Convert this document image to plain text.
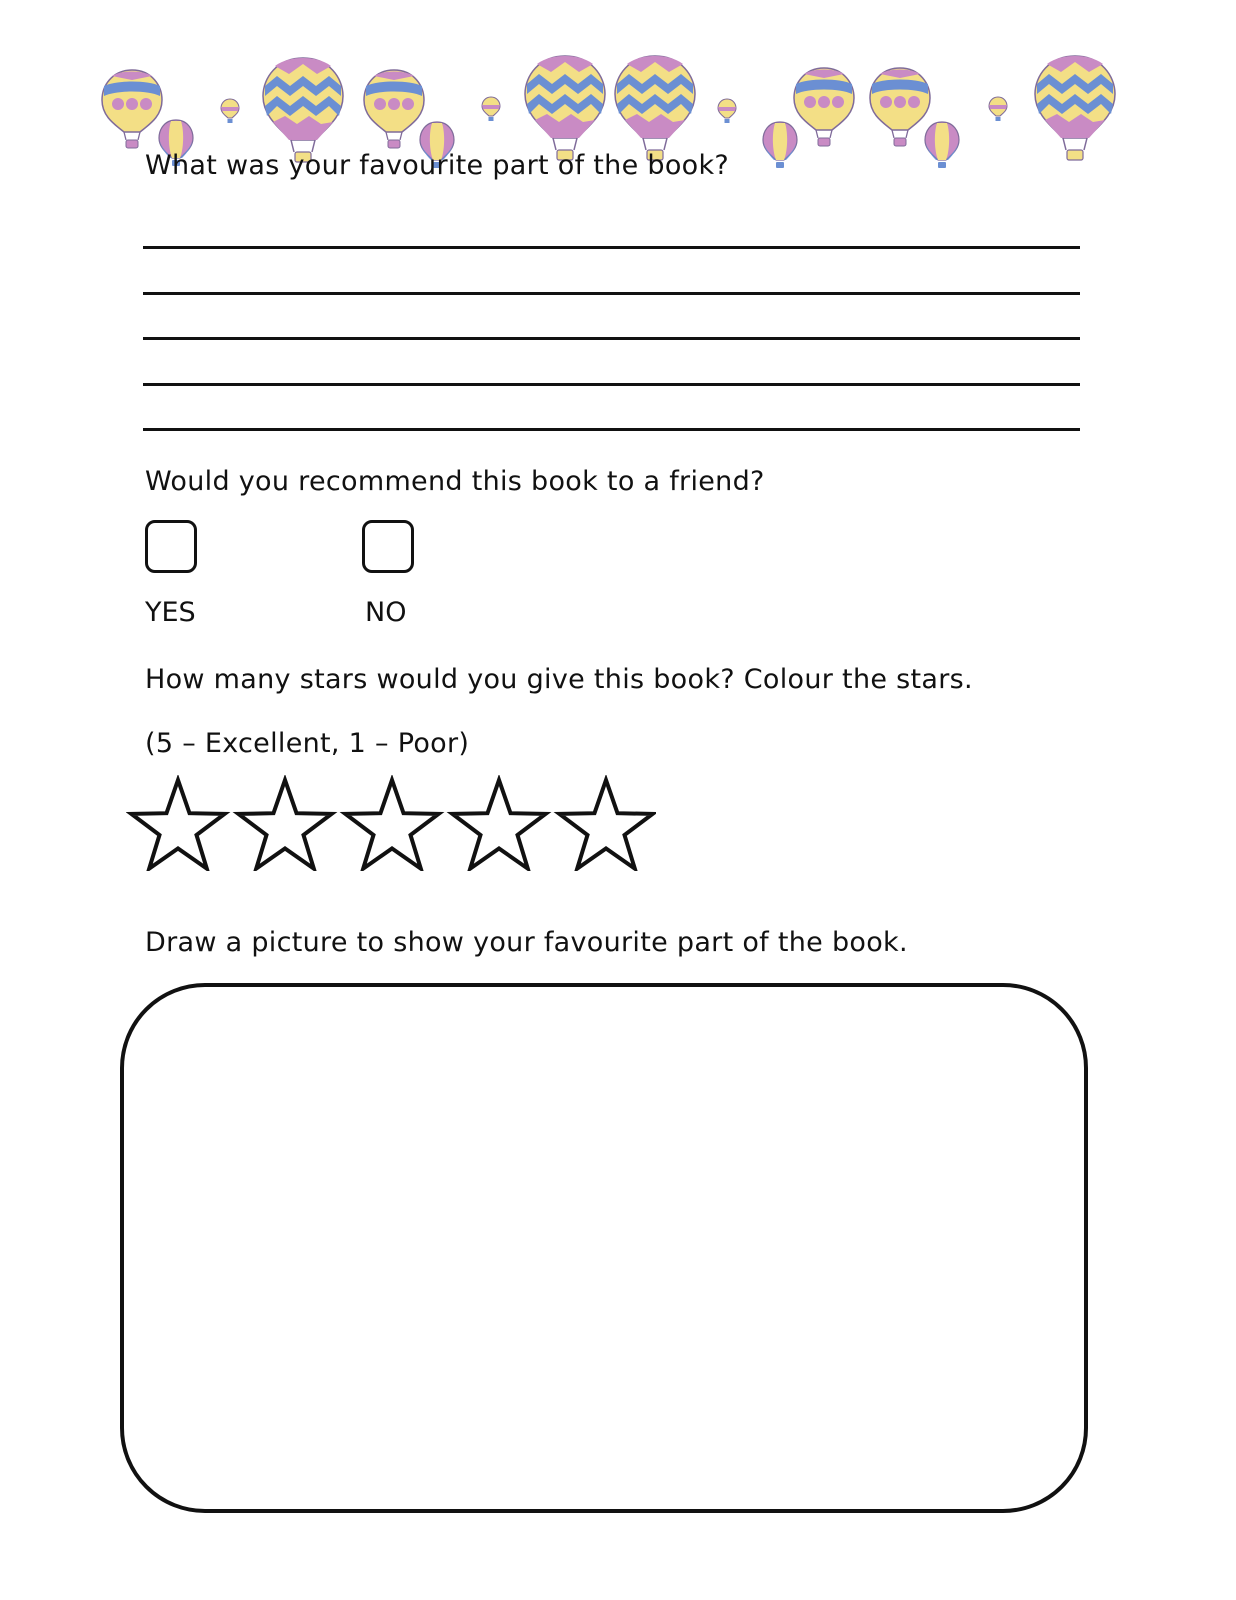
What was your favourite part of the book?
Would you recommend this book to a friend?
YES	NO
How many stars would you give this book? Colour the stars.

(5 – Excellent, 1 – Poor)

Draw a picture to show your favourite part of the book.
